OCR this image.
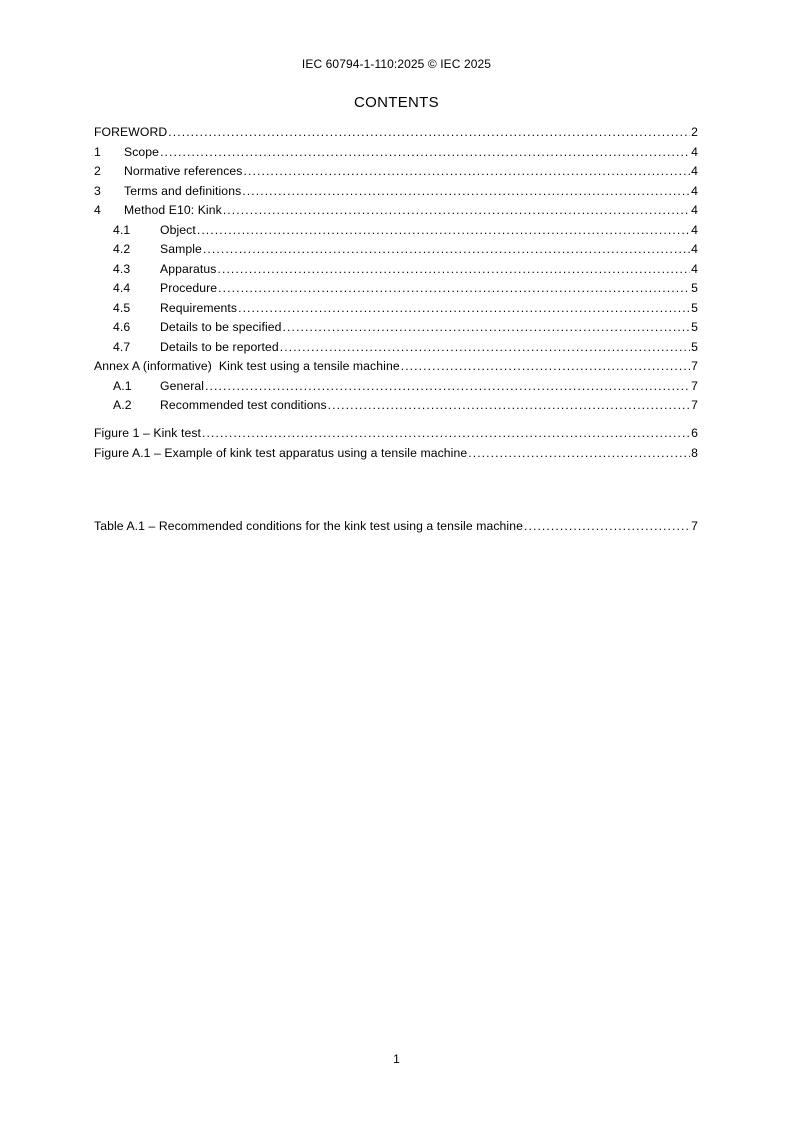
IEC 60794-1-110:2025 © IEC 2025
CONTENTS
FOREWORD .....	2
1	Scope .....	4
2	Normative references .....	4
3	Terms and definitions .....	4
4	Method E10: Kink .....	4
4.1	Object .....	4
4.2	Sample .....	4
4.3	Apparatus .....	4
4.4	Procedure .....	5
4.5	Requirements .....	5
4.6	Details to be specified .....	5
4.7	Details to be reported .....	5
Annex A (informative)  Kink test using a tensile machine .....	7
A.1	General .....	7
A.2	Recommended test conditions .....	7
Figure 1 – Kink test .....	6
Figure A.1 – Example of kink test apparatus using a tensile machine .....	8
Table A.1 – Recommended conditions for the kink test using a tensile machine .....	7
1
